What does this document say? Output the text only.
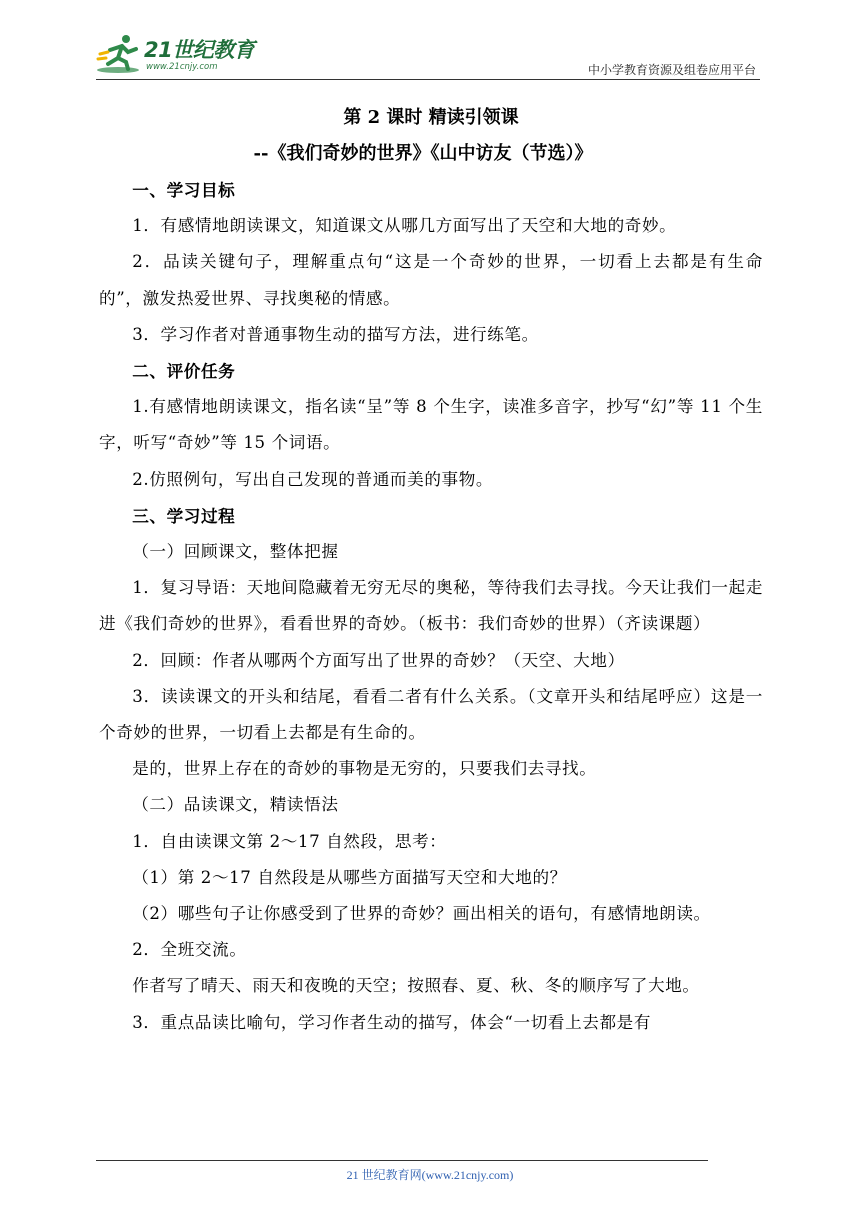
21世纪教育
www.21cnjy.com	中小学教育资源及组卷应用平台
第 2 课时 精读引领课
--《我们奇妙的世界》《山中访友（节选）》

一、学习目标

1．有感情地朗读课文，知道课文从哪几方面写出了天空和大地的奇妙。

2．品读关键句子，理解重点句“这是一个奇妙的世界，一切看上去都是有生命的”，激发热爱世界、寻找奥秘的情感。

3．学习作者对普通事物生动的描写方法，进行练笔。

二、评价任务

1.有感情地朗读课文，指名读“呈”等 8 个生字，读准多音字，抄写“幻”等 11 个生字，听写“奇妙”等 15 个词语。

2.仿照例句，写出自己发现的普通而美的事物。

三、学习过程

（一）回顾课文，整体把握

1．复习导语：天地间隐藏着无穷无尽的奥秘，等待我们去寻找。今天让我们一起走进《我们奇妙的世界》，看看世界的奇妙。（板书：我们奇妙的世界）（齐读课题）

2．回顾：作者从哪两个方面写出了世界的奇妙？（天空、大地）

3．读读课文的开头和结尾，看看二者有什么关系。（文章开头和结尾呼应）这是一个奇妙的世界，一切看上去都是有生命的。

是的，世界上存在的奇妙的事物是无穷的，只要我们去寻找。

（二）品读课文，精读悟法

1．自由读课文第 2～17 自然段，思考：

（1）第 2～17 自然段是从哪些方面描写天空和大地的？

（2）哪些句子让你感受到了世界的奇妙？画出相关的语句，有感情地朗读。

2．全班交流。

作者写了晴天、雨天和夜晚的天空；按照春、夏、秋、冬的顺序写了大地。

3．重点品读比喻句，学习作者生动的描写，体会“一切看上去都是有

21 世纪教育网(www.21cnjy.com)
